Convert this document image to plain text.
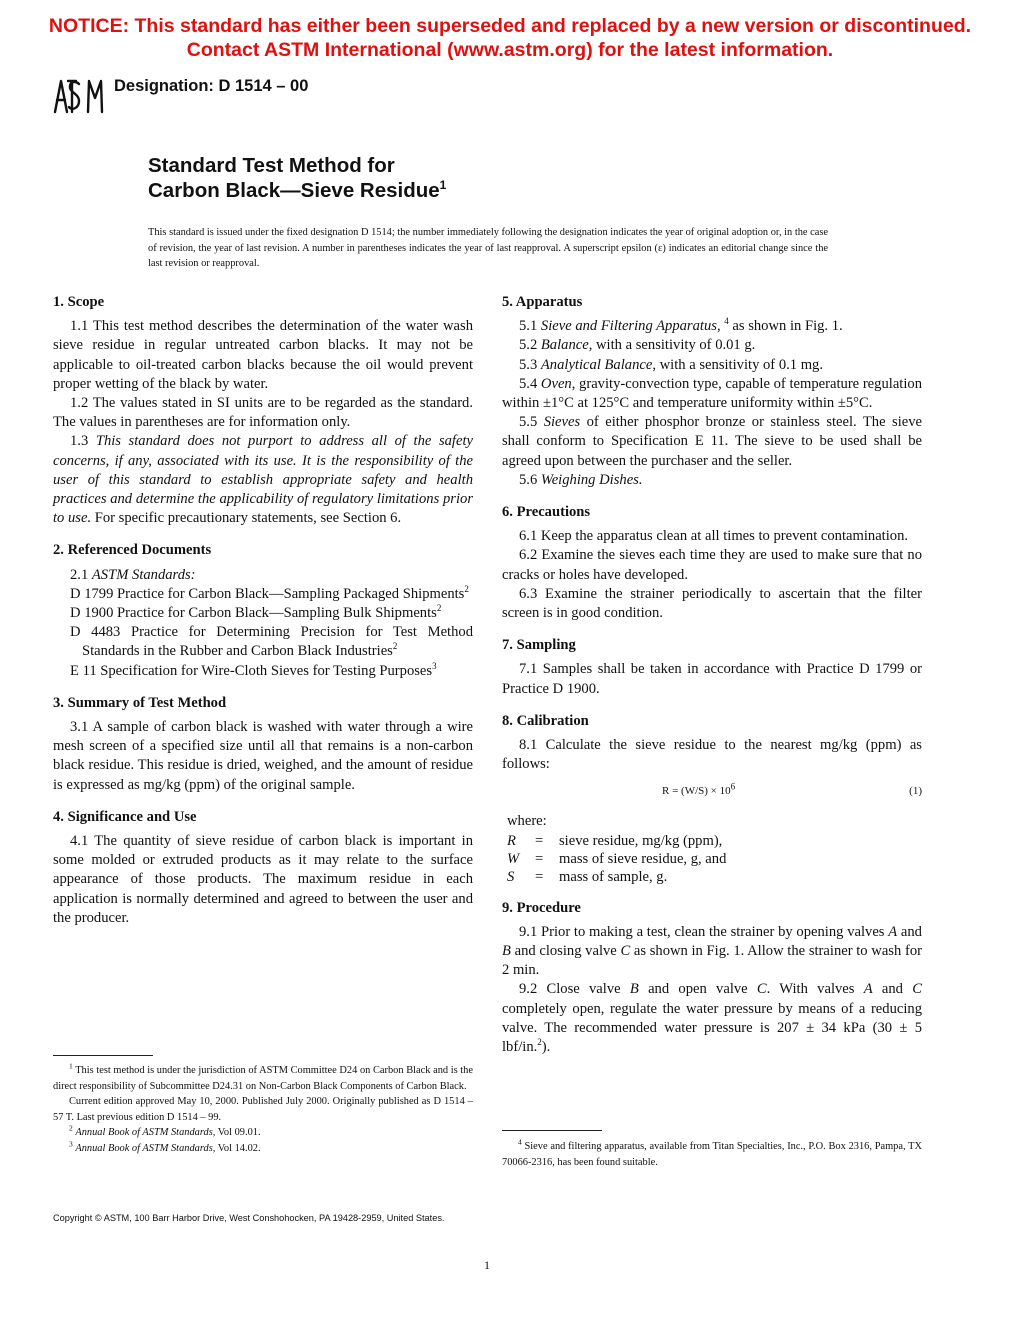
NOTICE: This standard has either been superseded and replaced by a new version or discontinued.
Contact ASTM International (www.astm.org) for the latest information.
Designation: D 1514 – 00
Standard Test Method for
Carbon Black—Sieve Residue$^1$
This standard is issued under the fixed designation D 1514; the number immediately following the designation indicates the year of original adoption or, in the case of revision, the year of last revision. A number in parentheses indicates the year of last reapproval. A superscript epsilon (ε) indicates an editorial change since the last revision or reapproval.
1. Scope

1.1 This test method describes the determination of the water wash sieve residue in regular untreated carbon blacks. It may not be applicable to oil-treated carbon blacks because the oil would prevent proper wetting of the black by water.

1.2 The values stated in SI units are to be regarded as the standard. The values in parentheses are for information only.

1.3 This standard does not purport to address all of the safety concerns, if any, associated with its use. It is the responsibility of the user of this standard to establish appropriate safety and health practices and determine the applicability of regulatory limitations prior to use. For specific precautionary statements, see Section 6.

2. Referenced Documents

2.1 ASTM Standards:

D 1799 Practice for Carbon Black—Sampling Packaged Shipments$^2$
D 1900 Practice for Carbon Black—Sampling Bulk Shipments$^2$
D 4483 Practice for Determining Precision for Test Method Standards in the Rubber and Carbon Black Industries$^2$
E 11 Specification for Wire-Cloth Sieves for Testing Purposes$^3$
3. Summary of Test Method

3.1 A sample of carbon black is washed with water through a wire mesh screen of a specified size until all that remains is a non-carbon black residue. This residue is dried, weighed, and the amount of residue is expressed as mg/kg (ppm) of the original sample.

4. Significance and Use

4.1 The quantity of sieve residue of carbon black is important in some molded or extruded products as it may relate to the surface appearance of those products. The maximum residue in each application is normally determined and agreed to between the user and the producer.

5. Apparatus

5.1 Sieve and Filtering Apparatus, $^4$ as shown in Fig. 1.

5.2 Balance, with a sensitivity of 0.01 g.

5.3 Analytical Balance, with a sensitivity of 0.1 mg.

5.4 Oven, gravity-convection type, capable of temperature regulation within ±1°C at 125°C and temperature uniformity within ±5°C.

5.5 Sieves of either phosphor bronze or stainless steel. The sieve shall conform to Specification E 11. The sieve to be used shall be agreed upon between the purchaser and the seller.

5.6 Weighing Dishes.

6. Precautions

6.1 Keep the apparatus clean at all times to prevent contamination.

6.2 Examine the sieves each time they are used to make sure that no cracks or holes have developed.

6.3 Examine the strainer periodically to ascertain that the filter screen is in good condition.

7. Sampling

7.1 Samples shall be taken in accordance with Practice D 1799 or Practice D 1900.

8. Calibration

8.1 Calculate the sieve residue to the nearest mg/kg (ppm) as follows:

$R = (W/S) \times 10^6$	(1)
where:
R	=	sieve residue, mg/kg (ppm),
W	=	mass of sieve residue, g, and
S	=	mass of sample, g.
9. Procedure

9.1 Prior to making a test, clean the strainer by opening valves A and B and closing valve C as shown in Fig. 1. Allow the strainer to wash for 2 min.

9.2 Close valve B and open valve C. With valves A and C completely open, regulate the water pressure by means of a reducing valve. The recommended water pressure is 207 ± 34 kPa (30 ± 5 lbf/in.$^2$).

$^1$ This test method is under the jurisdiction of ASTM Committee D24 on Carbon Black and is the direct responsibility of Subcommittee D24.31 on Non-Carbon Black Components of Carbon Black.

Current edition approved May 10, 2000. Published July 2000. Originally published as D 1514 – 57 T. Last previous edition D 1514 – 99.

$^2$ Annual Book of ASTM Standards, Vol 09.01.

$^3$ Annual Book of ASTM Standards, Vol 14.02.

$^4$ Sieve and filtering apparatus, available from Titan Specialties, Inc., P.O. Box 2316, Pampa, TX 70066-2316, has been found suitable.

Copyright © ASTM, 100 Barr Harbor Drive, West Conshohocken, PA 19428-2959, United States.
1
